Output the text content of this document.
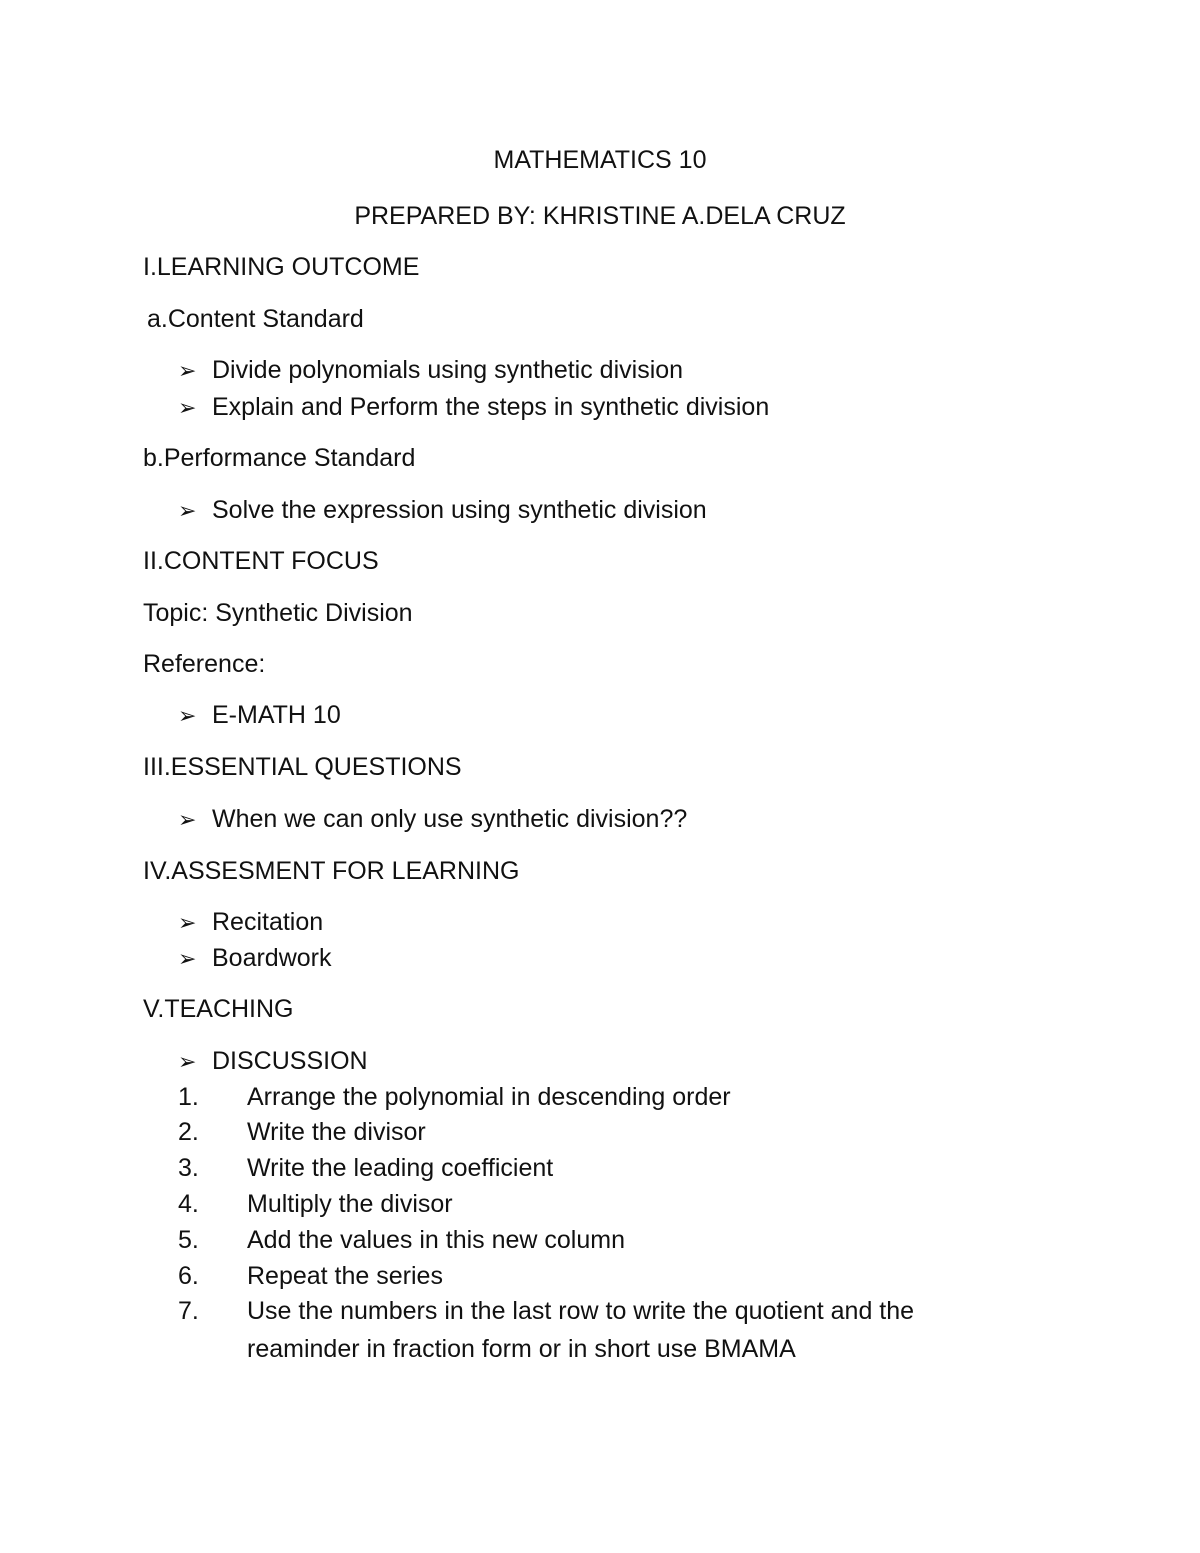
MATHEMATICS 10
PREPARED BY: KHRISTINE A.DELA CRUZ
I.LEARNING OUTCOME
a.Content Standard
➢ Divide polynomials using synthetic division
➢ Explain and Perform the steps in synthetic division
b.Performance Standard
➢ Solve the expression using synthetic division
II.CONTENT FOCUS
Topic: Synthetic Division
Reference:
➢ E-MATH 10
III.ESSENTIAL QUESTIONS
➢ When we can only use synthetic division??
IV.ASSESMENT FOR LEARNING
➢ Recitation
➢ Boardwork
V.TEACHING
➢ DISCUSSION
1. Arrange the polynomial in descending order
2. Write the divisor
3. Write the leading coefficient
4. Multiply the divisor
5. Add the values in this new column
6. Repeat the series
7. Use the numbers in the last row to write the quotient and the
reaminder in fraction form or in short use BMAMA
